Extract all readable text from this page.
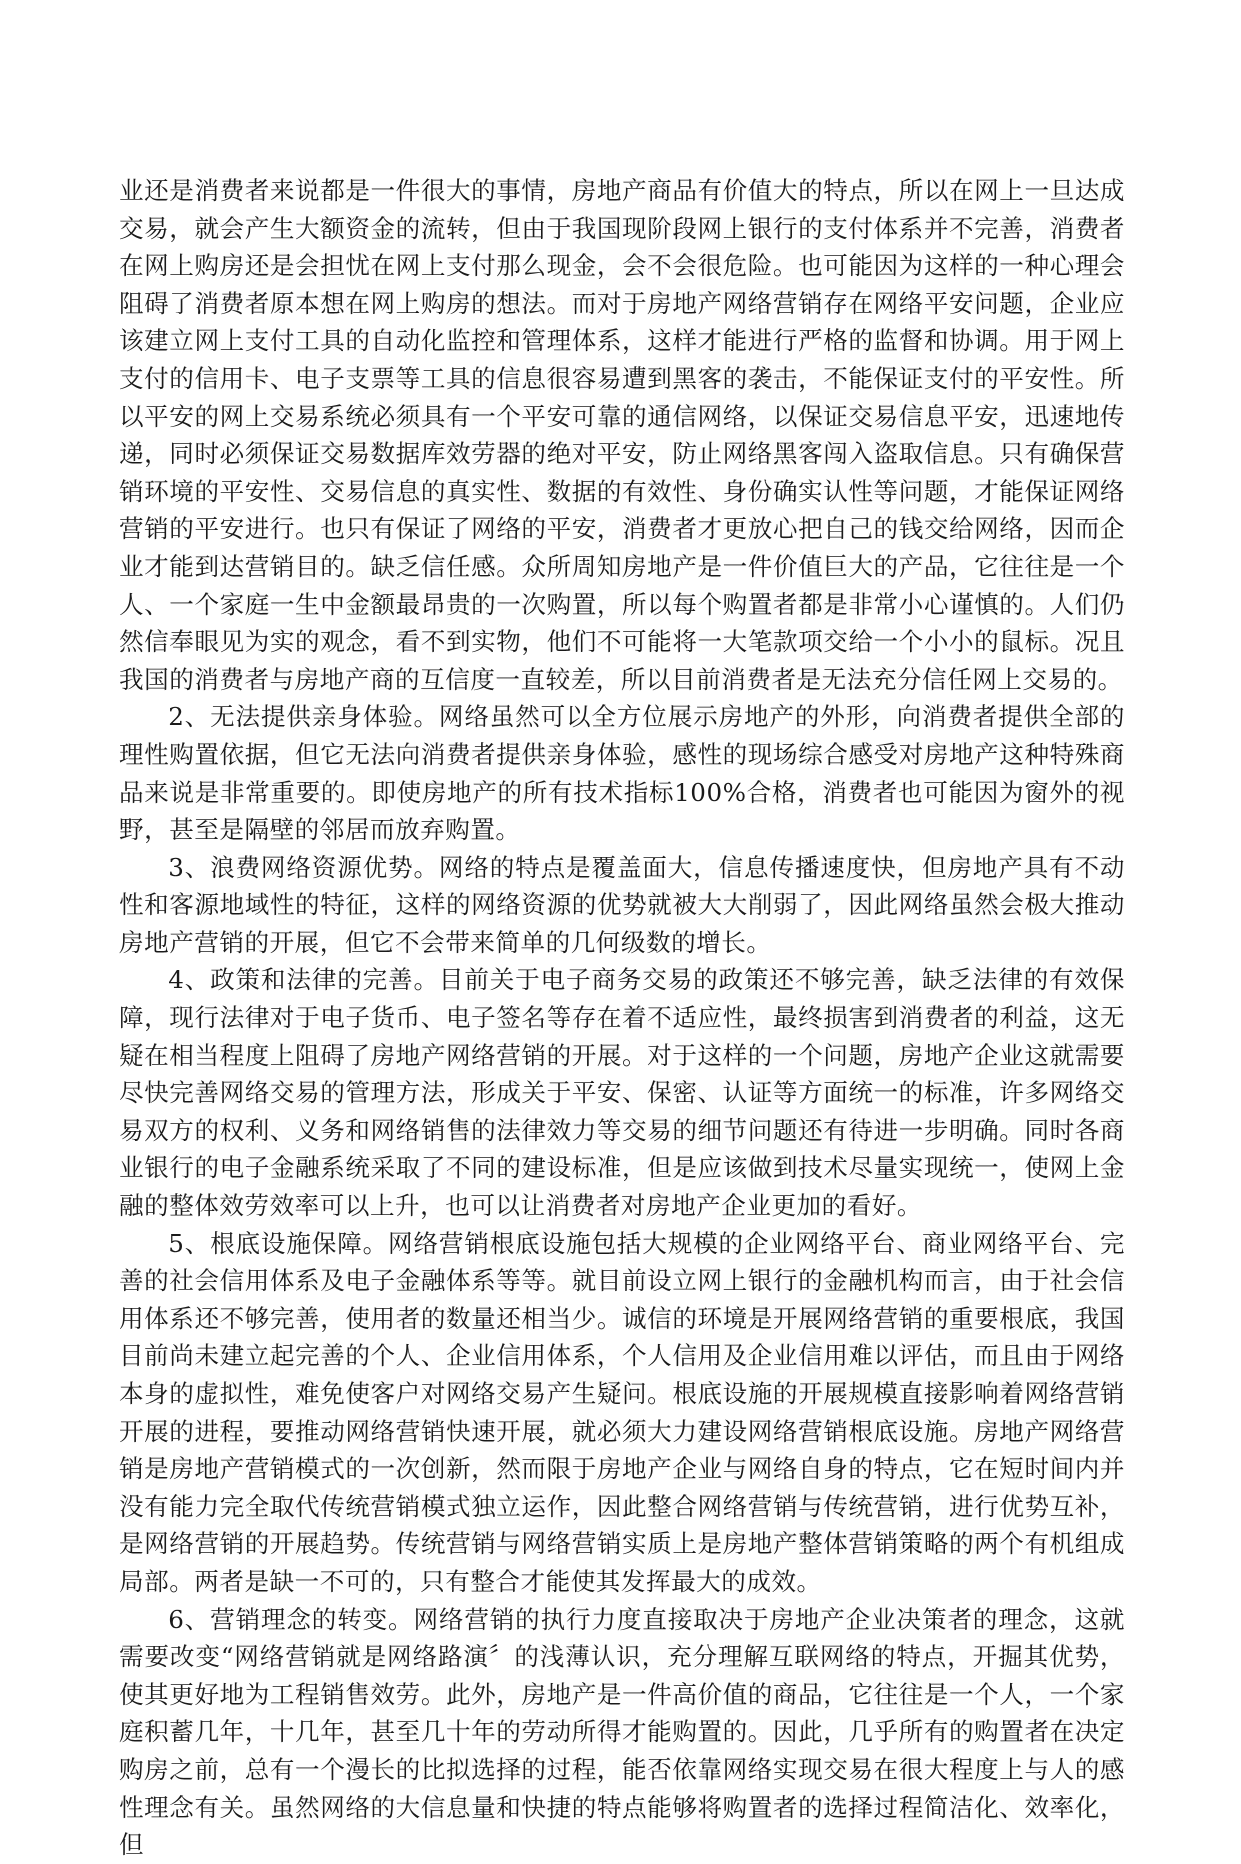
业还是消费者来说都是一件很大的事情，房地产商品有价值大的特点，所以在网上一旦达成交易，就会产生大额资金的流转，但由于我国现阶段网上银行的支付体系并不完善，消费者在网上购房还是会担忧在网上支付那么现金，会不会很危险。也可能因为这样的一种心理会阻碍了消费者原本想在网上购房的想法。而对于房地产网络营销存在网络平安问题，企业应该建立网上支付工具的自动化监控和管理体系，这样才能进行严格的监督和协调。用于网上支付的信用卡、电子支票等工具的信息很容易遭到黑客的袭击，不能保证支付的平安性。所以平安的网上交易系统必须具有一个平安可靠的通信网络，以保证交易信息平安，迅速地传递，同时必须保证交易数据库效劳器的绝对平安，防止网络黑客闯入盗取信息。只有确保营销环境的平安性、交易信息的真实性、数据的有效性、身份确实认性等问题，才能保证网络营销的平安进行。也只有保证了网络的平安，消费者才更放心把自己的钱交给网络，因而企业才能到达营销目的。缺乏信任感。众所周知房地产是一件价值巨大的产品，它往往是一个人、一个家庭一生中金额最昂贵的一次购置，所以每个购置者都是非常小心谨慎的。人们仍然信奉眼见为实的观念，看不到实物，他们不可能将一大笔款项交给一个小小的鼠标。况且我国的消费者与房地产商的互信度一直较差，所以目前消费者是无法充分信任网上交易的。

2、无法提供亲身体验。网络虽然可以全方位展示房地产的外形，向消费者提供全部的理性购置依据，但它无法向消费者提供亲身体验，感性的现场综合感受对房地产这种特殊商品来说是非常重要的。即使房地产的所有技术指标100%合格，消费者也可能因为窗外的视野，甚至是隔壁的邻居而放弃购置。

3、浪费网络资源优势。网络的特点是覆盖面大，信息传播速度快，但房地产具有不动性和客源地域性的特征，这样的网络资源的优势就被大大削弱了，因此网络虽然会极大推动房地产营销的开展，但它不会带来简单的几何级数的增长。

4、政策和法律的完善。目前关于电子商务交易的政策还不够完善，缺乏法律的有效保障，现行法律对于电子货币、电子签名等存在着不适应性，最终损害到消费者的利益，这无疑在相当程度上阻碍了房地产网络营销的开展。对于这样的一个问题，房地产企业这就需要尽快完善网络交易的管理方法，形成关于平安、保密、认证等方面统一的标准，许多网络交易双方的权利、义务和网络销售的法律效力等交易的细节问题还有待进一步明确。同时各商业银行的电子金融系统采取了不同的建设标准，但是应该做到技术尽量实现统一，使网上金融的整体效劳效率可以上升，也可以让消费者对房地产企业更加的看好。

5、根底设施保障。网络营销根底设施包括大规模的企业网络平台、商业网络平台、完善的社会信用体系及电子金融体系等等。就目前设立网上银行的金融机构而言，由于社会信用体系还不够完善，使用者的数量还相当少。诚信的环境是开展网络营销的重要根底，我国目前尚未建立起完善的个人、企业信用体系，个人信用及企业信用难以评估，而且由于网络本身的虚拟性，难免使客户对网络交易产生疑问。根底设施的开展规模直接影响着网络营销开展的进程，要推动网络营销快速开展，就必须大力建设网络营销根底设施。房地产网络营销是房地产营销模式的一次创新，然而限于房地产企业与网络自身的特点，它在短时间内并没有能力完全取代传统营销模式独立运作，因此整合网络营销与传统营销，进行优势互补，是网络营销的开展趋势。传统营销与网络营销实质上是房地产整体营销策略的两个有机组成局部。两者是缺一不可的，只有整合才能使其发挥最大的成效。

6、营销理念的转变。网络营销的执行力度直接取决于房地产企业决策者的理念，这就需要改变“网络营销就是网络路演〞的浅薄认识，充分理解互联网络的特点，开掘其优势，使其更好地为工程销售效劳。此外，房地产是一件高价值的商品，它往往是一个人，一个家庭积蓄几年，十几年，甚至几十年的劳动所得才能购置的。因此，几乎所有的购置者在决定购房之前，总有一个漫长的比拟选择的过程，能否依靠网络实现交易在很大程度上与人的感性理念有关。虽然网络的大信息量和快捷的特点能够将购置者的选择过程简洁化、效率化，但
